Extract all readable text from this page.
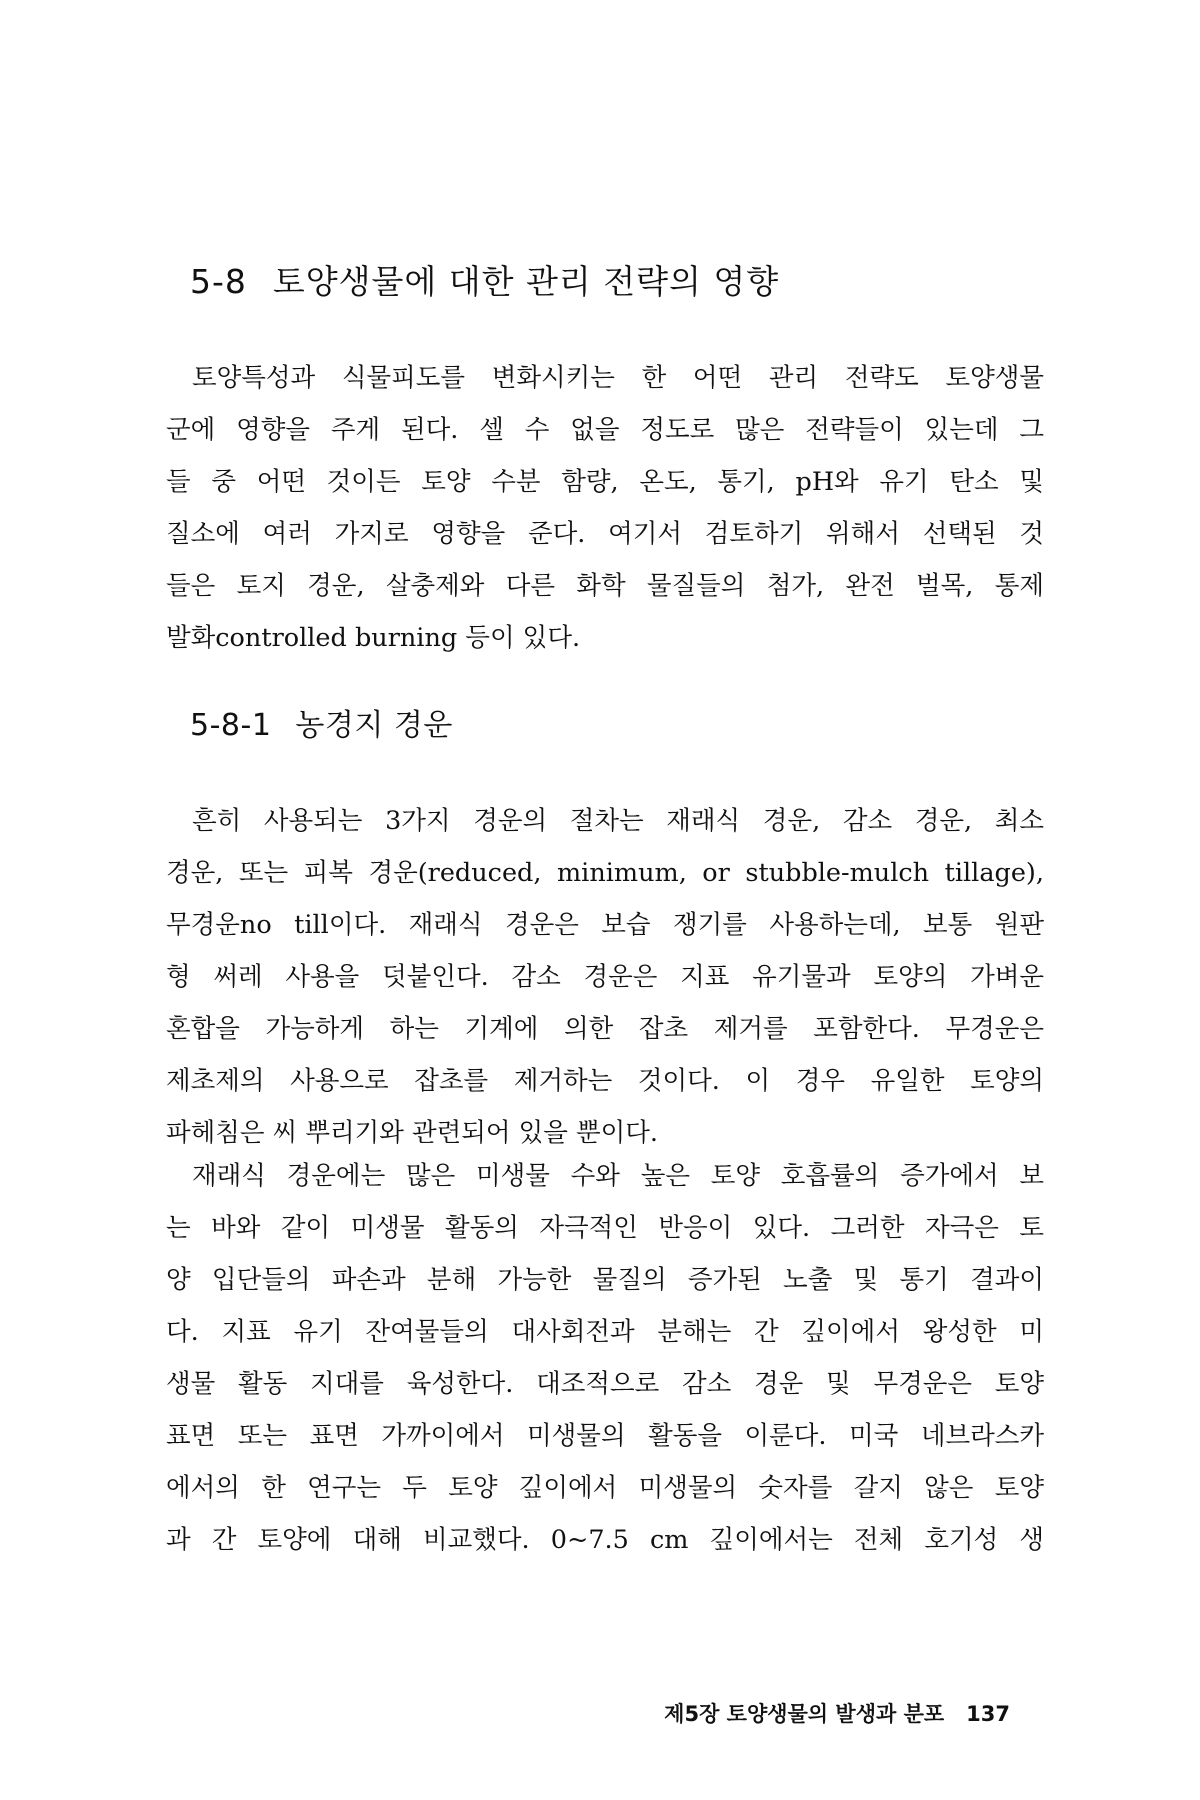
5-8 토양생물에 대한 관리 전략의 영향
토양특성과 식물피도를 변화시키는 한 어떤 관리 전략도 토양생물
군에 영향을 주게 된다. 셀 수 없을 정도로 많은 전략들이 있는데 그
들 중 어떤 것이든 토양 수분 함량, 온도, 통기, pH와 유기 탄소 및
질소에 여러 가지로 영향을 준다. 여기서 검토하기 위해서 선택된 것
들은 토지 경운, 살충제와 다른 화학 물질들의 첨가, 완전 벌목, 통제
발화controlled burning 등이 있다.
5-8-1 농경지 경운
흔히 사용되는 3가지 경운의 절차는 재래식 경운, 감소 경운, 최소
경운, 또는 피복 경운(reduced, minimum, or stubble-mulch tillage),
무경운no till이다. 재래식 경운은 보습 쟁기를 사용하는데, 보통 원판
형 써레 사용을 덧붙인다. 감소 경운은 지표 유기물과 토양의 가벼운
혼합을 가능하게 하는 기계에 의한 잡초 제거를 포함한다. 무경운은
제초제의 사용으로 잡초를 제거하는 것이다. 이 경우 유일한 토양의
파헤침은 씨 뿌리기와 관련되어 있을 뿐이다.
재래식 경운에는 많은 미생물 수와 높은 토양 호흡률의 증가에서 보
는 바와 같이 미생물 활동의 자극적인 반응이 있다. 그러한 자극은 토
양 입단들의 파손과 분해 가능한 물질의 증가된 노출 및 통기 결과이
다. 지표 유기 잔여물들의 대사회전과 분해는 간 깊이에서 왕성한 미
생물 활동 지대를 육성한다. 대조적으로 감소 경운 및 무경운은 토양
표면 또는 표면 가까이에서 미생물의 활동을 이룬다. 미국 네브라스카
에서의 한 연구는 두 토양 깊이에서 미생물의 숫자를 갈지 않은 토양
과 간 토양에 대해 비교했다. 0~7.5 cm 깊이에서는 전체 호기성 생
제5장 토양생물의 발생과 분포 137
